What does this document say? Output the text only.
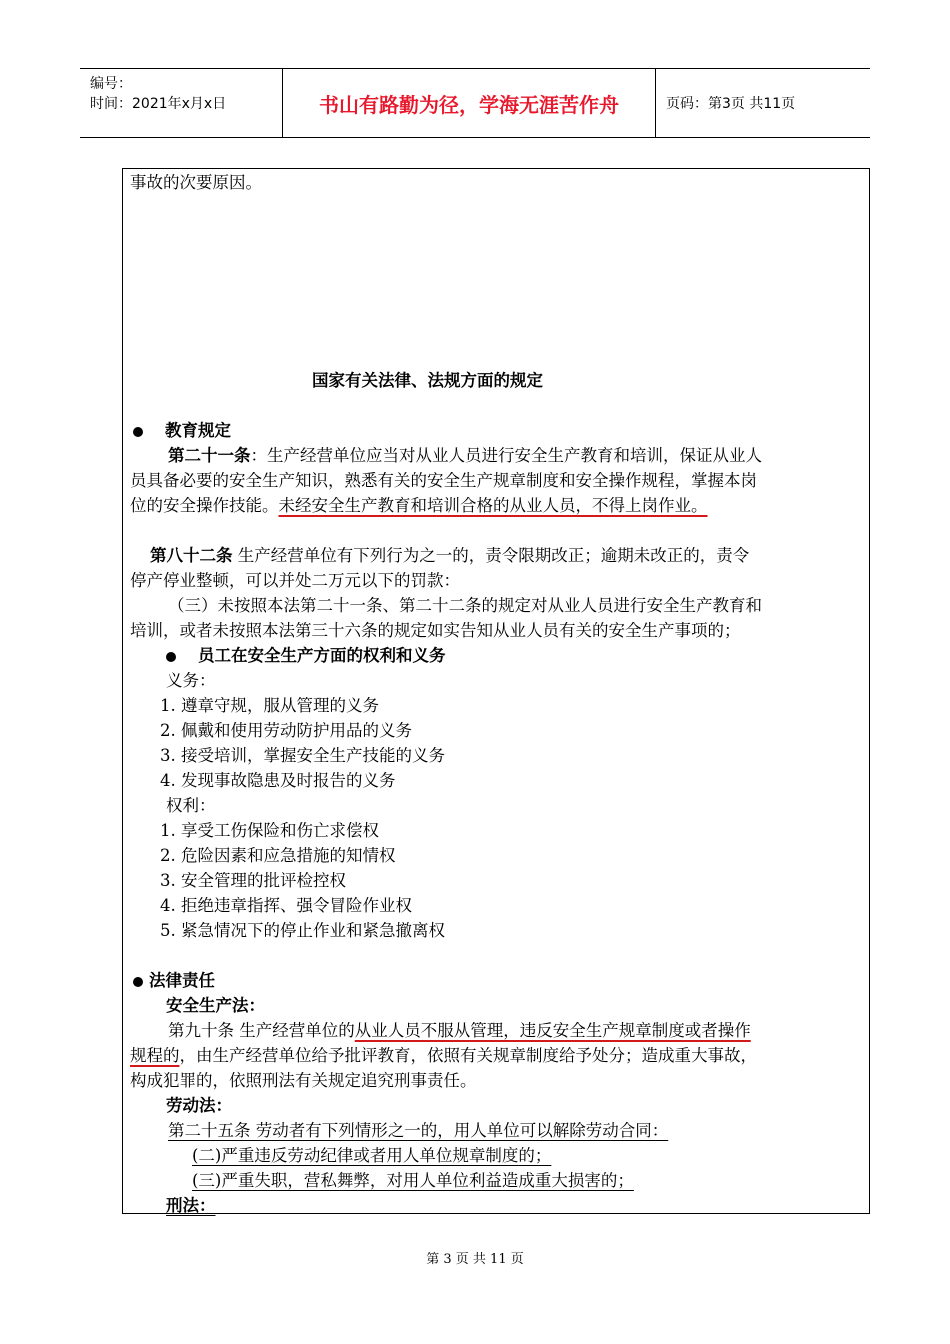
编号：
时间：2021年x月x日	书山有路勤为径，学海无涯苦作舟	页码：第3页 共11页
事故的次要原因。
国家有关法律、法规方面的规定
教育规定
第二十一条：生产经营单位应当对从业人员进行安全生产教育和培训，保证从业人
员具备必要的安全生产知识，熟悉有关的安全生产规章制度和安全操作规程，掌握本岗
位的安全操作技能。未经安全生产教育和培训合格的从业人员，不得上岗作业。
第八十二条 生产经营单位有下列行为之一的，责令限期改正；逾期未改正的，责令
停产停业整顿，可以并处二万元以下的罚款：
（三）未按照本法第二十一条、第二十二条的规定对从业人员进行安全生产教育和
培训，或者未按照本法第三十六条的规定如实告知从业人员有关的安全生产事项的；
员工在安全生产方面的权利和义务
义务：
1. 遵章守规，服从管理的义务
2. 佩戴和使用劳动防护用品的义务
3. 接受培训，掌握安全生产技能的义务
4. 发现事故隐患及时报告的义务
权利：
1. 享受工伤保险和伤亡求偿权
2. 危险因素和应急措施的知情权
3. 安全管理的批评检控权
4. 拒绝违章指挥、强令冒险作业权
5. 紧急情况下的停止作业和紧急撤离权
法律责任
安全生产法：
第九十条 生产经营单位的从业人员不服从管理，违反安全生产规章制度或者操作
规程的，由生产经营单位给予批评教育，依照有关规章制度给予处分；造成重大事故，
构成犯罪的，依照刑法有关规定追究刑事责任。
劳动法：
第二十五条 劳动者有下列情形之一的，用人单位可以解除劳动合同：
(二)严重违反劳动纪律或者用人单位规章制度的；
(三)严重失职，营私舞弊，对用人单位利益造成重大损害的；
刑法：
第 3 页 共 11 页
